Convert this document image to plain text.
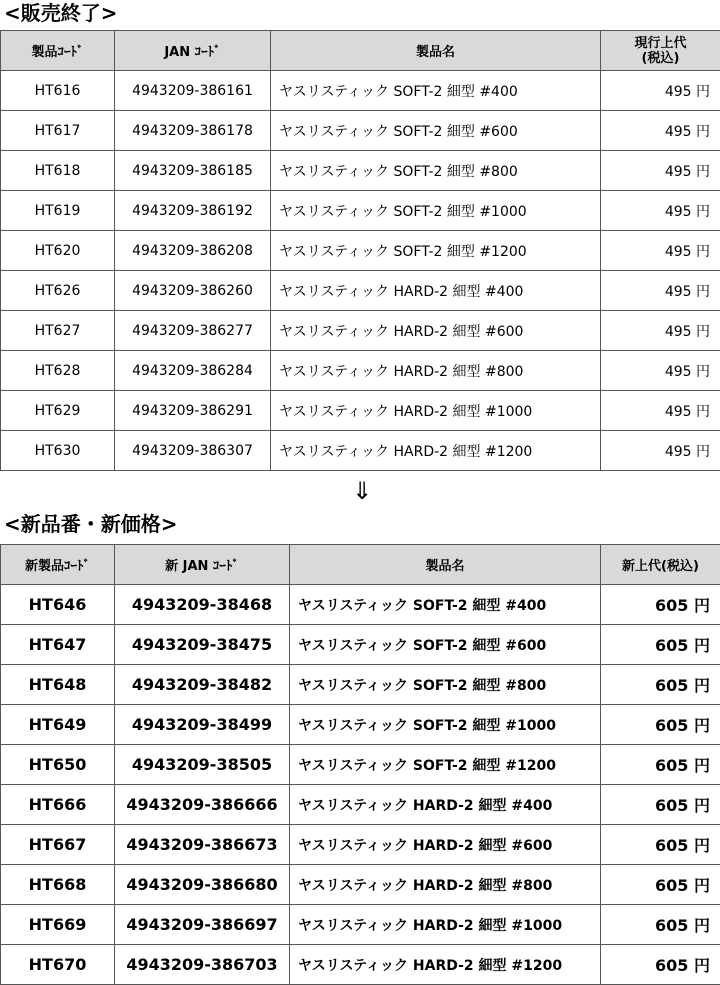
<販売終了>
製品ｺｰﾄﾞ	JAN ｺｰﾄﾞ	製品名	現行上代
(税込)

HT616	4943209-386161	ヤスリスティック SOFT-2 細型 #400	495 円
HT617	4943209-386178	ヤスリスティック SOFT-2 細型 #600	495 円
HT618	4943209-386185	ヤスリスティック SOFT-2 細型 #800	495 円
HT619	4943209-386192	ヤスリスティック SOFT-2 細型 #1000	495 円
HT620	4943209-386208	ヤスリスティック SOFT-2 細型 #1200	495 円
HT626	4943209-386260	ヤスリスティック HARD-2 細型 #400	495 円
HT627	4943209-386277	ヤスリスティック HARD-2 細型 #600	495 円
HT628	4943209-386284	ヤスリスティック HARD-2 細型 #800	495 円
HT629	4943209-386291	ヤスリスティック HARD-2 細型 #1000	495 円
HT630	4943209-386307	ヤスリスティック HARD-2 細型 #1200	495 円
⇓
<新品番・新価格>
新製品ｺｰﾄﾞ	新 JAN ｺｰﾄﾞ	製品名	新上代(税込)
HT646	4943209-38468	ヤスリスティック SOFT-2 細型 #400	605 円
HT647	4943209-38475	ヤスリスティック SOFT-2 細型 #600	605 円
HT648	4943209-38482	ヤスリスティック SOFT-2 細型 #800	605 円
HT649	4943209-38499	ヤスリスティック SOFT-2 細型 #1000	605 円
HT650	4943209-38505	ヤスリスティック SOFT-2 細型 #1200	605 円
HT666	4943209-386666	ヤスリスティック HARD-2 細型 #400	605 円
HT667	4943209-386673	ヤスリスティック HARD-2 細型 #600	605 円
HT668	4943209-386680	ヤスリスティック HARD-2 細型 #800	605 円
HT669	4943209-386697	ヤスリスティック HARD-2 細型 #1000	605 円
HT670	4943209-386703	ヤスリスティック HARD-2 細型 #1200	605 円
